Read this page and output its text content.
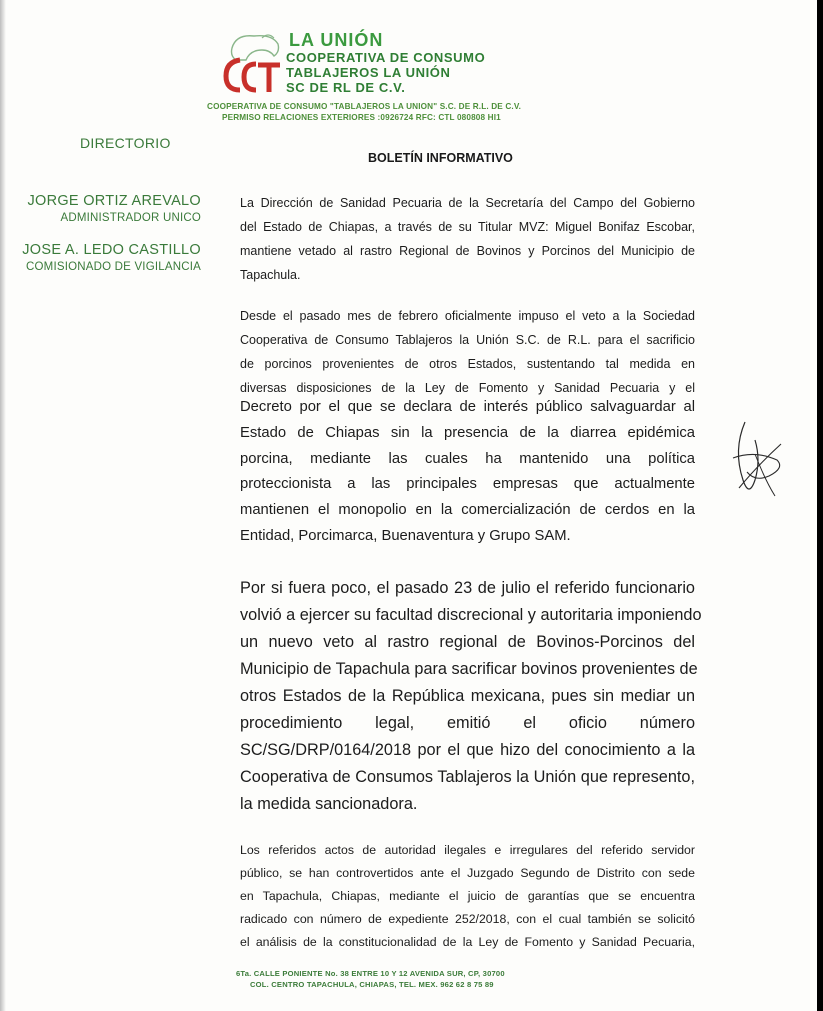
LA UNIÓN
COOPERATIVA DE CONSUMO
TABLAJEROS LA UNIÓN
SC DE RL DE C.V.
COOPERATIVA DE CONSUMO "TABLAJEROS LA UNION" S.C. DE R.L. DE C.V.
PERMISO RELACIONES EXTERIORES :0926724 RFC: CTL 080808 HI1
DIRECTORIO
JORGE ORTIZ AREVALO
ADMINISTRADOR UNICO
JOSE A. LEDO CASTILLO
COMISIONADO DE VIGILANCIA
BOLETÍN INFORMATIVO
La Dirección de Sanidad Pecuaria de la Secretaría del Campo del Gobierno
del Estado de Chiapas, a través de su Titular MVZ: Miguel Bonifaz Escobar,
mantiene vetado al rastro Regional de Bovinos y Porcinos del Municipio de
Tapachula.
Desde el pasado mes de febrero oficialmente impuso el veto a la Sociedad
Cooperativa de Consumo Tablajeros la Unión S.C. de R.L. para el sacrificio
de porcinos provenientes de otros Estados, sustentando tal medida en
diversas disposiciones de la Ley de Fomento y Sanidad Pecuaria y el
Decreto por el que se declara de interés público salvaguardar al
Estado de Chiapas sin la presencia de la diarrea epidémica
porcina, mediante las cuales ha mantenido una política
proteccionista a las principales empresas que actualmente
mantienen el monopolio en la comercialización de cerdos en la
Entidad, Porcimarca, Buenaventura y Grupo SAM.
Por si fuera poco, el pasado 23 de julio el referido funcionario
volvió a ejercer su facultad discrecional y autoritaria imponiendo
un nuevo veto al rastro regional de Bovinos-Porcinos del
Municipio de Tapachula para sacrificar bovinos provenientes de
otros Estados de la República mexicana, pues sin mediar un
procedimiento legal, emitió el oficio número
SC/SG/DRP/0164/2018 por el que hizo del conocimiento a la
Cooperativa de Consumos Tablajeros la Unión que represento,
la medida sancionadora.
Los referidos actos de autoridad ilegales e irregulares del referido servidor
público, se han controvertidos ante el Juzgado Segundo de Distrito con sede
en Tapachula, Chiapas, mediante el juicio de garantías que se encuentra
radicado con número de expediente 252/2018, con el cual también se solicitó
el análisis de la constitucionalidad de la Ley de Fomento y Sanidad Pecuaria,
6Ta. CALLE PONIENTE No. 38 ENTRE 10 Y 12 AVENIDA SUR, CP, 30700
COL. CENTRO TAPACHULA, CHIAPAS, TEL. MEX. 962 62 8 75 89
